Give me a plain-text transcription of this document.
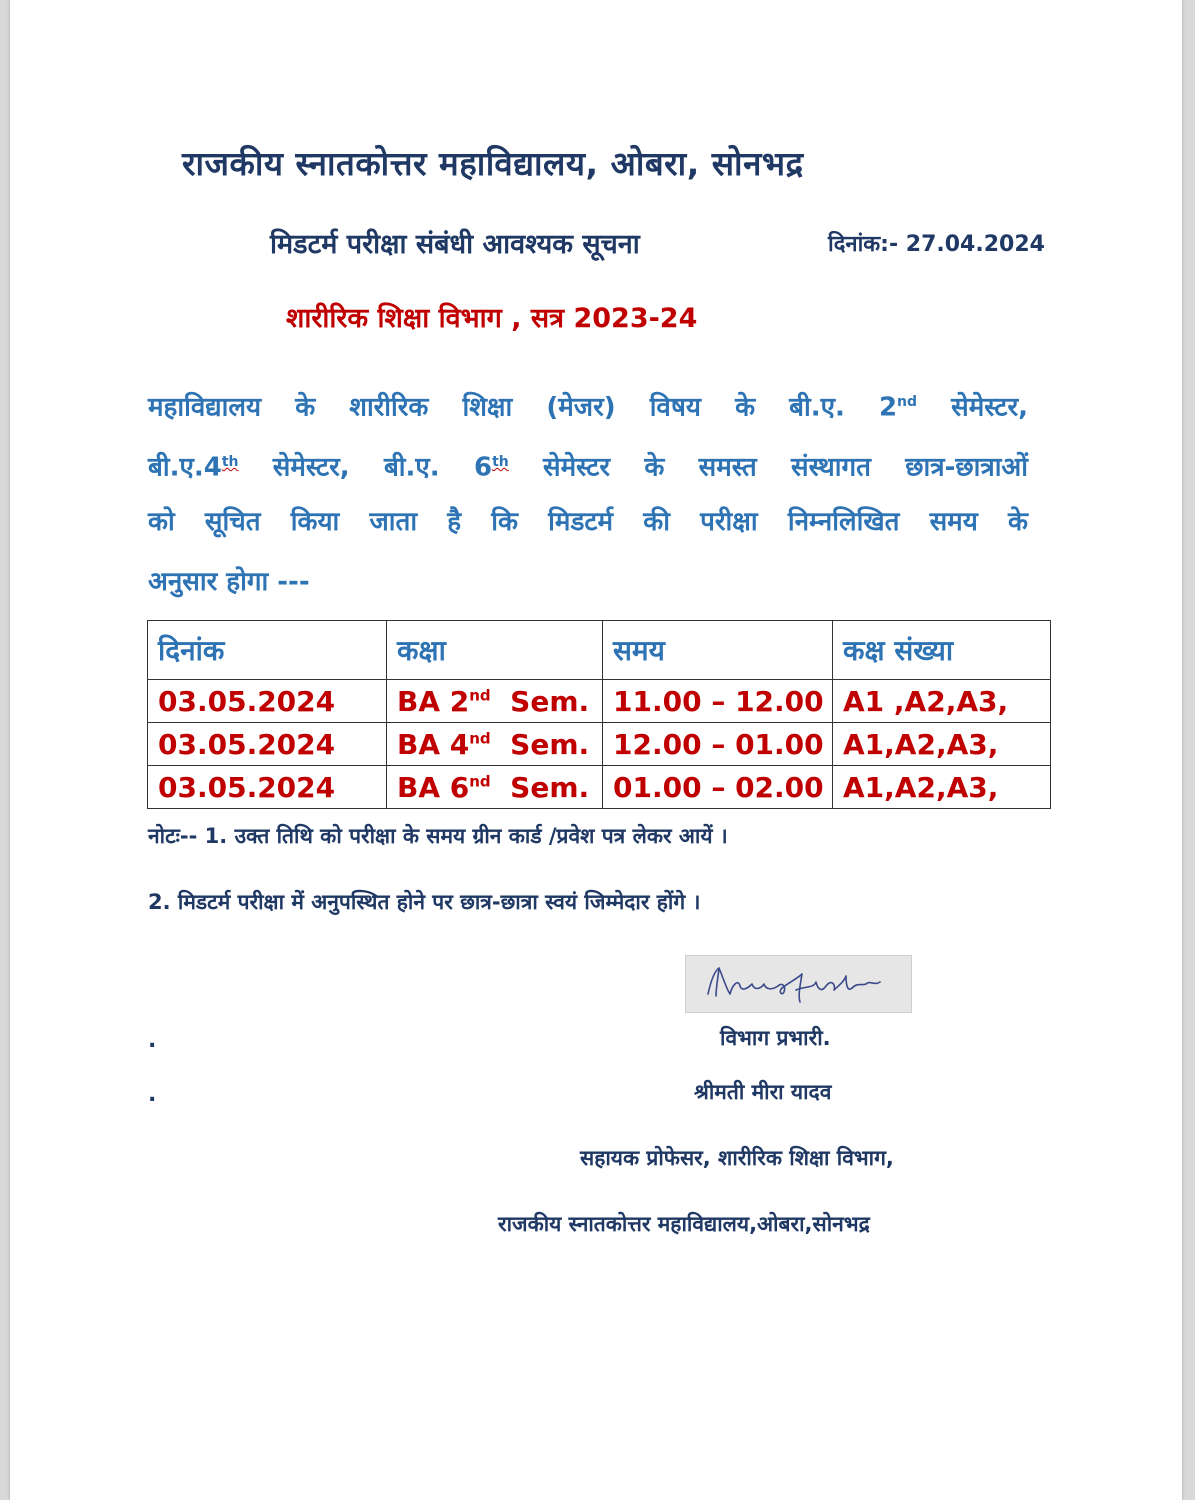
राजकीय स्नातकोत्तर महाविद्यालय, ओबरा, सोनभद्र
मिडटर्म परीक्षा संबंधी आवश्यक सूचना	दिनांक:- 27.04.2024
शारीरिक शिक्षा विभाग , सत्र 2023-24
महाविद्यालय के शारीरिक शिक्षा (मेजर) विषय के बी.ए. 2nd सेमेस्टर,
बी.ए.4th सेमेस्टर, बी.ए. 6th सेमेस्टर के समस्त संस्थागत छात्र-छात्राओं
को सूचित किया जाता है कि मिडटर्म की परीक्षा निम्नलिखित समय के
अनुसार होगा ---
दिनांक	कक्षा	समय	कक्ष संख्या
03.05.2024	BA 2nd  Sem.	11.00 – 12.00	A1 ,A2,A3,
03.05.2024	BA 4nd  Sem.	12.00 – 01.00	A1,A2,A3,
03.05.2024	BA 6nd  Sem.	01.00 – 02.00	A1,A2,A3,
नोटः-- 1. उक्त तिथि को परीक्षा के समय ग्रीन कार्ड /प्रवेश पत्र लेकर आयें ।
2. मिडटर्म परीक्षा में अनुपस्थित होने पर छात्र-छात्रा स्वयं जिम्मेदार होंगे ।
.
.
विभाग प्रभारी.
श्रीमती मीरा यादव
सहायक प्रोफेसर, शारीरिक शिक्षा विभाग,
राजकीय स्नातकोत्तर महाविद्यालय,ओबरा,सोनभद्र
